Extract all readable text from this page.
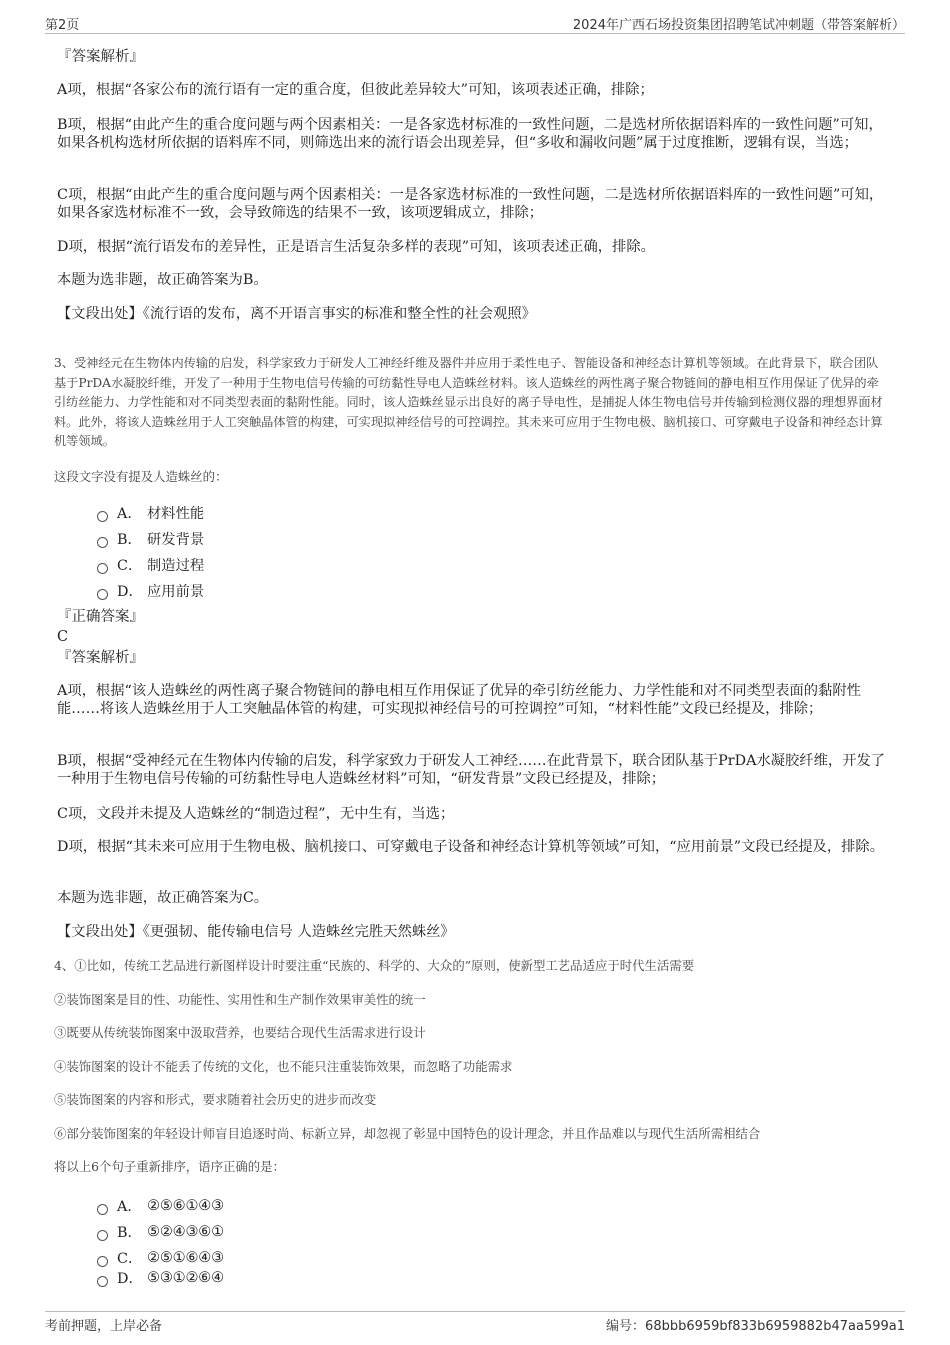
第2页	2024年广西石场投资集团招聘笔试冲刺题（带答案解析）
『答案解析』
A项，根据“各家公布的流行语有一定的重合度，但彼此差异较大”可知，该项表述正确，排除；
B项，根据“由此产生的重合度问题与两个因素相关：一是各家选材标准的一致性问题，二是选材所依据语料库的一致性问题”可知，如果各机构选材所依据的语料库不同，则筛选出来的流行语会出现差异，但“多收和漏收问题”属于过度推断，逻辑有误，当选；
C项，根据“由此产生的重合度问题与两个因素相关：一是各家选材标准的一致性问题，二是选材所依据语料库的一致性问题”可知，如果各家选材标准不一致，会导致筛选的结果不一致，该项逻辑成立，排除；
D项，根据“流行语发布的差异性，正是语言生活复杂多样的表现”可知，该项表述正确，排除。
本题为选非题，故正确答案为B。
【文段出处】《流行语的发布，离不开语言事实的标准和整全性的社会观照》
3、受神经元在生物体内传输的启发，科学家致力于研发人工神经纤维及器件并应用于柔性电子、智能设备和神经态计算机等领域。在此背景下，联合团队基于PrDA水凝胶纤维，开发了一种用于生物电信号传输的可纺黏性导电人造蛛丝材料。该人造蛛丝的两性离子聚合物链间的静电相互作用保证了优异的牵引纺丝能力、力学性能和对不同类型表面的黏附性能。同时，该人造蛛丝显示出良好的离子导电性，是捕捉人体生物电信号并传输到检测仪器的理想界面材料。此外，将该人造蛛丝用于人工突触晶体管的构建，可实现拟神经信号的可控调控。其未来可应用于生物电极、脑机接口、可穿戴电子设备和神经态计算机等领域。
这段文字没有提及人造蛛丝的：
A． 材料性能
B． 研发背景
C． 制造过程
D． 应用前景
『正确答案』
C
『答案解析』
A项，根据“该人造蛛丝的两性离子聚合物链间的静电相互作用保证了优异的牵引纺丝能力、力学性能和对不同类型表面的黏附性能……将该人造蛛丝用于人工突触晶体管的构建，可实现拟神经信号的可控调控”可知，“材料性能”文段已经提及，排除；
B项，根据“受神经元在生物体内传输的启发，科学家致力于研发人工神经……在此背景下，联合团队基于PrDA水凝胶纤维，开发了一种用于生物电信号传输的可纺黏性导电人造蛛丝材料”可知，“研发背景”文段已经提及，排除；
C项，文段并未提及人造蛛丝的“制造过程”，无中生有，当选；
D项，根据“其未来可应用于生物电极、脑机接口、可穿戴电子设备和神经态计算机等领域”可知，“应用前景”文段已经提及，排除。
本题为选非题，故正确答案为C。
【文段出处】《更强韧、能传输电信号 人造蛛丝完胜天然蛛丝》
4、①比如，传统工艺品进行新图样设计时要注重“民族的、科学的、大众的”原则，使新型工艺品适应于时代生活需要
②装饰图案是目的性、功能性、实用性和生产制作效果审美性的统一
③既要从传统装饰图案中汲取营养，也要结合现代生活需求进行设计
④装饰图案的设计不能丢了传统的文化，也不能只注重装饰效果，而忽略了功能需求
⑤装饰图案的内容和形式，要求随着社会历史的进步而改变
⑥部分装饰图案的年轻设计师盲目追逐时尚、标新立异，却忽视了彰显中国特色的设计理念，并且作品难以与现代生活所需相结合
将以上6个句子重新排序，语序正确的是：
A． ②⑤⑥①④③
B． ⑤②④③⑥①
C． ②⑤①⑥④③
D． ⑤③①②⑥④
考前押题，上岸必备	编号：68bbb6959bf833b6959882b47aa599a1
